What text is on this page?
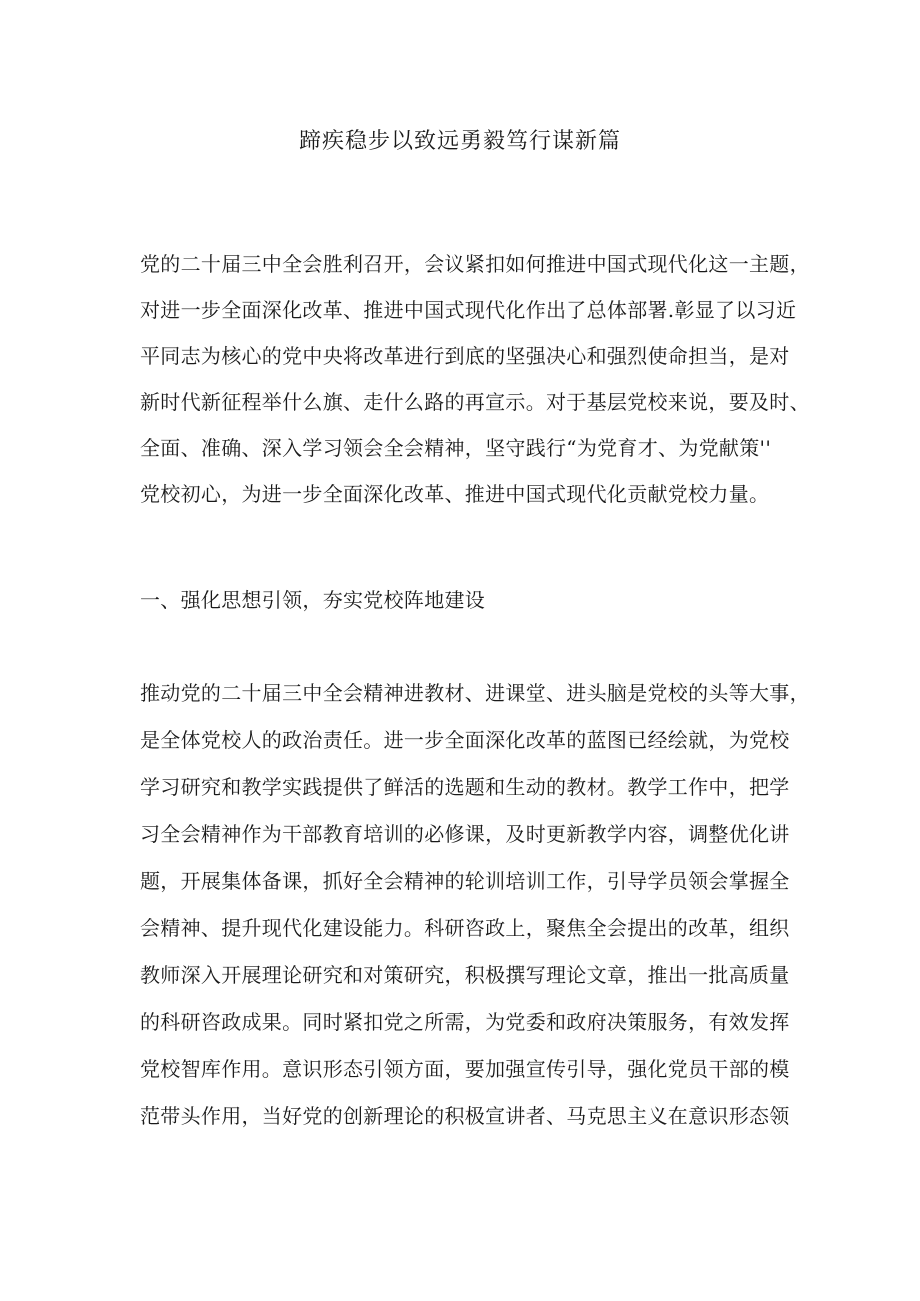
蹄疾稳步以致远勇毅笃行谋新篇
党的二十届三中全会胜利召开，会议紧扣如何推进中国式现代化这一主题，
对进一步全面深化改革、推进中国式现代化作出了总体部署.彰显了以习近
平同志为核心的党中央将改革进行到底的坚强决心和强烈使命担当，是对
新时代新征程举什么旗、走什么路的再宣示。对于基层党校来说，要及时、
全面、准确、深入学习领会全会精神，坚守践行“为党育才、为党献策''
党校初心，为进一步全面深化改革、推进中国式现代化贡献党校力量。
一、强化思想引领，夯实党校阵地建设
推动党的二十届三中全会精神进教材、进课堂、进头脑是党校的头等大事，
是全体党校人的政治责任。进一步全面深化改革的蓝图已经绘就，为党校
学习研究和教学实践提供了鲜活的选题和生动的教材。教学工作中，把学
习全会精神作为干部教育培训的必修课，及时更新教学内容，调整优化讲
题，开展集体备课，抓好全会精神的轮训培训工作，引导学员领会掌握全
会精神、提升现代化建设能力。科研咨政上，聚焦全会提出的改革，组织
教师深入开展理论研究和对策研究，积极撰写理论文章，推出一批高质量
的科研咨政成果。同时紧扣党之所需，为党委和政府决策服务，有效发挥
党校智库作用。意识形态引领方面，要加强宣传引导，强化党员干部的模
范带头作用，当好党的创新理论的积极宣讲者、马克思主义在意识形态领
